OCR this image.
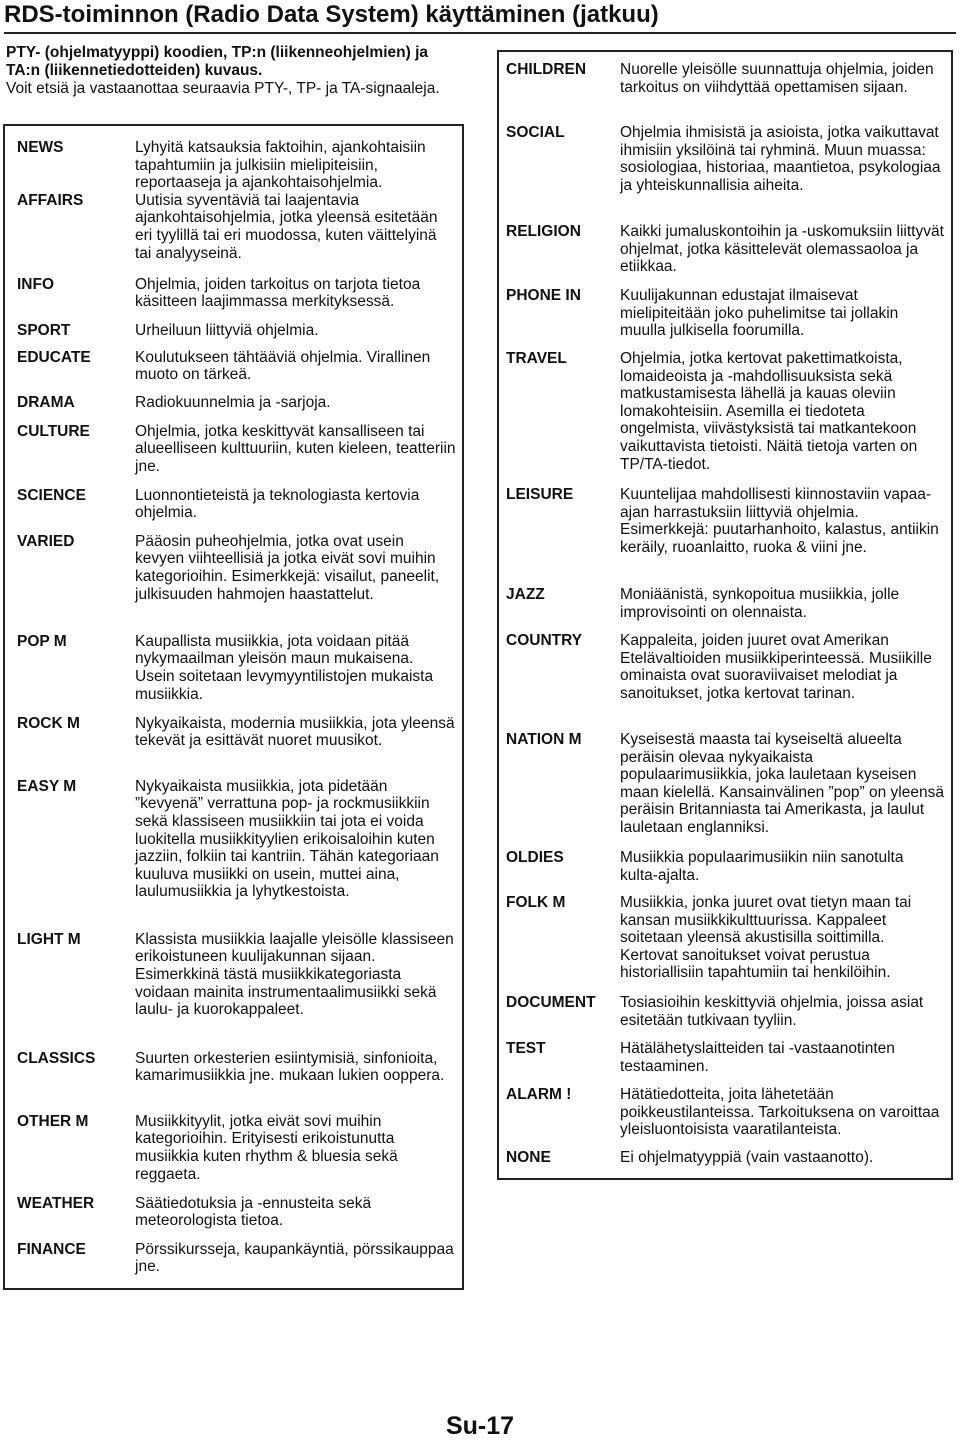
RDS-toiminnon (Radio Data System) käyttäminen (jatkuu)
PTY- (ohjelmatyyppi) koodien, TP:n (liikenneohjelmien) ja TA:n (liikennetiedotteiden) kuvaus.
Voit etsiä ja vastaanottaa seuraavia PTY-, TP- ja TA-signaaleja.
NEWS	Lyhyitä katsauksia faktoihin, ajankohtaisiin tapahtumiin ja julkisiin mielipiteisiin, reportaaseja ja ajankohtaisohjelmia.
AFFAIRS	Uutisia syventäviä tai laajentavia ajankohtaisohjelmia, jotka yleensä esitetään eri tyylillä tai eri muodossa, kuten väittelyinä tai analyyseinä.
INFO	Ohjelmia, joiden tarkoitus on tarjota tietoa käsitteen laajimmassa merkityksessä.
SPORT	Urheiluun liittyviä ohjelmia.
EDUCATE	Koulutukseen tähtääviä ohjelmia. Virallinen muoto on tärkeä.
DRAMA	Radiokuunnelmia ja -sarjoja.
CULTURE	Ohjelmia, jotka keskittyvät kansalliseen tai alueelliseen kulttuuriin, kuten kieleen, teatteriin jne.
SCIENCE	Luonnontieteistä ja teknologiasta kertovia ohjelmia.
VARIED	Pääosin puheohjelmia, jotka ovat usein kevyen viihteellisiä ja jotka eivät sovi muihin kategorioihin. Esimerkkejä: visailut, paneelit, julkisuuden hahmojen haastattelut.
POP M	Kaupallista musiikkia, jota voidaan pitää nykymaailman yleisön maun mukaisena. Usein soitetaan levymyyntilistojen mukaista musiikkia.
ROCK M	Nykyaikaista, modernia musiikkia, jota yleensä tekevät ja esittävät nuoret muusikot.
EASY M	Nykyaikaista musiikkia, jota pidetään ”kevyenä” verrattuna pop- ja rockmusiikkiin sekä klassiseen musiikkiin tai jota ei voida luokitella musiikkityylien erikoisaloihin kuten jazziin, folkiin tai kantriin. Tähän kategoriaan kuuluva musiikki on usein, muttei aina, laulumusiikkia ja lyhytkestoista.
LIGHT M	Klassista musiikkia laajalle yleisölle klassiseen erikoistuneen kuulijakunnan sijaan. Esimerkkinä tästä musiikkikategoriasta voidaan mainita instrumentaalimusiikki sekä laulu- ja kuorokappaleet.
CLASSICS	Suurten orkesterien esiintymisiä, sinfonioita, kamarimusiikkia jne. mukaan lukien ooppera.
OTHER M	Musiikkityylit, jotka eivät sovi muihin kategorioihin. Erityisesti erikoistunutta musiikkia kuten rhythm & bluesia sekä reggaeta.
WEATHER	Säätiedotuksia ja -ennusteita sekä meteorologista tietoa.
FINANCE	Pörssikursseja, kaupankäyntiä, pörssikauppaa jne.
CHILDREN	Nuorelle yleisölle suunnattuja ohjelmia, joiden tarkoitus on viihdyttää opettamisen sijaan.
SOCIAL	Ohjelmia ihmisistä ja asioista, jotka vaikuttavat ihmisiin yksilöinä tai ryhminä. Muun muassa: sosiologiaa, historiaa, maantietoa, psykologiaa ja yhteiskunnallisia aiheita.
RELIGION	Kaikki jumaluskontoihin ja -uskomuksiin liittyvät ohjelmat, jotka käsittelevät olemassaoloa ja etiikkaa.
PHONE IN	Kuulijakunnan edustajat ilmaisevat mielipiteitään joko puhelimitse tai jollakin muulla julkisella foorumilla.
TRAVEL	Ohjelmia, jotka kertovat pakettimatkoista, lomaideoista ja -mahdollisuuksista sekä matkustamisesta lähellä ja kauas oleviin lomakohteisiin. Asemilla ei tiedoteta ongelmista, viivästyksistä tai matkantekoon vaikuttavista tietoisti. Näitä tietoja varten on TP/TA-tiedot.
LEISURE	Kuuntelijaa mahdollisesti kiinnostaviin vapaa-ajan harrastuksiin liittyviä ohjelmia. Esimerkkejä: puutarhanhoito, kalastus, antiikin keräily, ruoanlaitto, ruoka & viini jne.
JAZZ	Moniäänistä, synkopoitua musiikkia, jolle improvisointi on olennaista.
COUNTRY	Kappaleita, joiden juuret ovat Amerikan Etelävaltioiden musiikkiperinteessä. Musiikille ominaista ovat suoraviivaiset melodiat ja sanoitukset, jotka kertovat tarinan.
NATION M	Kyseisestä maasta tai kyseiseltä alueelta peräisin olevaa nykyaikaista populaarimusiikkia, joka lauletaan kyseisen maan kielellä. Kansainvälinen ”pop” on yleensä peräisin Britanniasta tai Amerikasta, ja laulut lauletaan englanniksi.
OLDIES	Musiikkia populaarimusiikin niin sanotulta kulta-ajalta.
FOLK M	Musiikkia, jonka juuret ovat tietyn maan tai kansan musiikkikulttuurissa. Kappaleet soitetaan yleensä akustisilla soittimilla. Kertovat sanoitukset voivat perustua historiallisiin tapahtumiin tai henkilöihin.
DOCUMENT	Tosiasioihin keskittyviä ohjelmia, joissa asiat esitetään tutkivaan tyyliin.
TEST	Hätälähetyslaitteiden tai -vastaanotinten testaaminen.
ALARM !	Hätätiedotteita, joita lähetetään poikkeustilanteissa. Tarkoituksena on varoittaa yleisluontoisista vaaratilanteista.
NONE	Ei ohjelmatyyppiä (vain vastaanotto).
Su-17
